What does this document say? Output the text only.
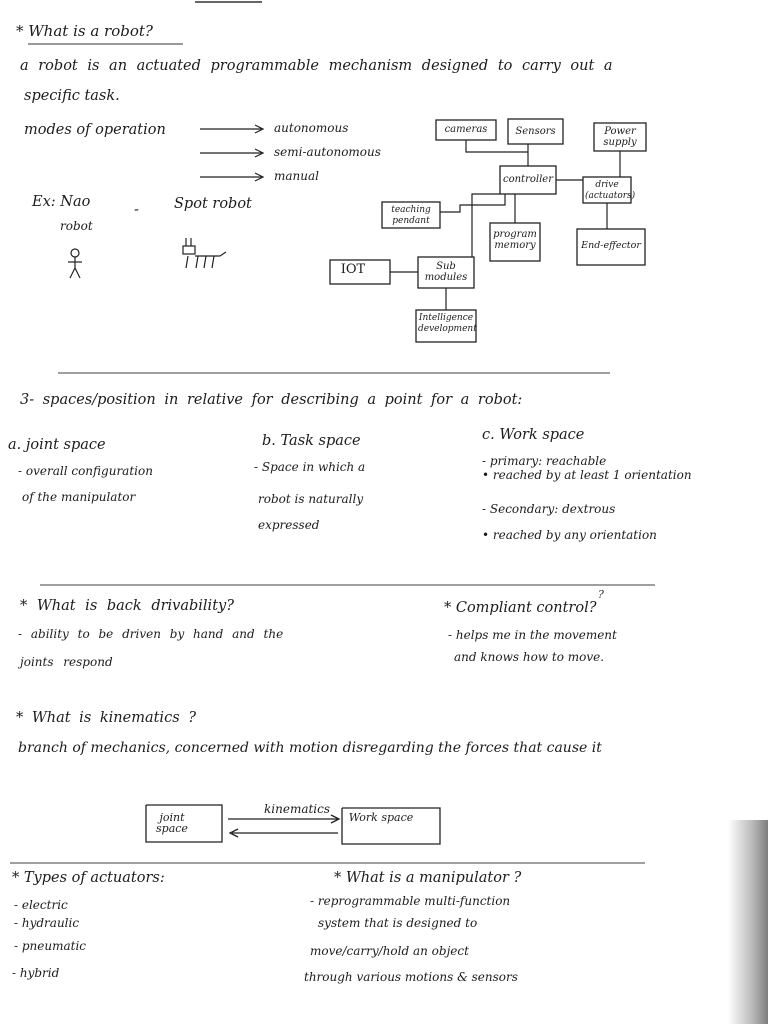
?
* What is a robot?
a robot is an actuated programmable mechanism designed to carry out a
specific task.
modes of operation	autonomous
semi-autonomous
manual
Ex: Nao
robot
- Spot robot
cameras	Sensors	Power supply
controller	drive (actuators)
teaching pendant
program memory	End-effector
IOT	Sub modules
Intelligence development
3- spaces/position in relative for describing a point for a robot:
a. joint space
- overall configuration
of the manipulator
b. Task space
- Space in which a
robot is naturally
expressed
c. Work space
- primary: reachable
• reached by at least 1 orientation
- Secondary: dextrous
• reached by any orientation
* What is back drivability?
- ability to be driven by hand and the
joints respond
* Compliant control?
- helps me in the movement
and knows how to move.
* What is kinematics ?
branch of mechanics, concerned with motion disregarding the forces that cause it
joint space
Work space
kinematics
* Types of actuators:
- electric
- hydraulic
- pneumatic
- hybrid
* What is a manipulator ?
- reprogrammable multi-function
system that is designed to
move/carry/hold an object
through various motions & sensors
